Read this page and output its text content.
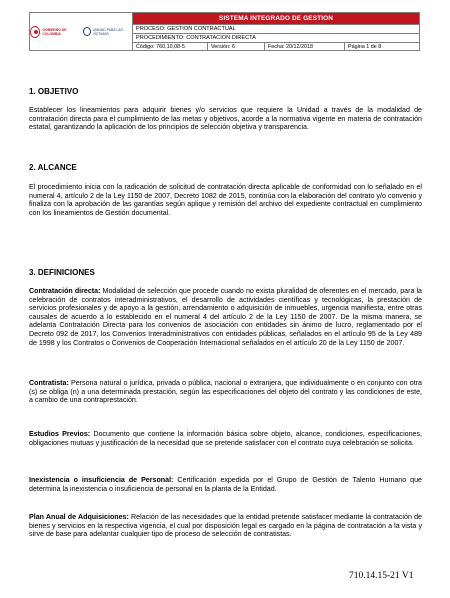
GOBIERNO DE COLOMBIA
UNIDAD PARA LAS VÍCTIMAS
SISTEMA INTEGRADO DE GESTION
PROCESO: GESTION CONTRACTUAL
PROCEDIMIENTO: CONTRATACION DIRECTA
Código: 760,10,08-5	Versión: 6	Fecha: 20/12/2018	Página 1 de 8
1. OBJETIVO

Establecer los lineamientos para adquirir bienes y/o servicios que requiere la Unidad a través de la modalidad de contratación directa para el cumplimiento de las metas y objetivos, acorde a la normativa vigente en materia de contratación estatal, garantizando la aplicación de los principios de selección objetiva y transparencia.

2. ALCANCE

El procedimiento inicia con la radicación de solicitud de contratación directa aplicable de conformidad con lo señalado en el numeral 4, artículo 2 de la Ley 1150 de 2007, Decreto 1082 de 2015, continúa con la elaboración del contrato y/o convenio y finaliza con la aprobación de las garantías según aplique y remisión del archivo del expediente contractual en cumplimiento con los lineamientos de Gestión documental.

3. DEFINICIONES

Contratación directa: Modalidad de selección que procede cuando no exista pluralidad de oferentes en el mercado, para la celebración de contratos interadministrativos, el desarrollo de actividades científicas y tecnológicas, la prestación de servicios profesionales y de apoyo a la gestión, arrendamiento o adquisición de inmuebles, urgencia manifiesta, entre otras causales de acuerdo a lo establecido en el numeral 4 del artículo 2 de la Ley 1150 de 2007. De la misma manera, se adelanta Contratación Directa para los convenios de asociación con entidades sin ánimo de lucro, reglamentado por el Decreto 092 de 2017, los Convenios Interadministrativos con entidades públicas, señalados en el artículo 95 de la Ley 489 de 1998 y los Contratos o Convenios de Cooperación Internacional señalados en el artículo 20 de la Ley 1150 de 2007.

Contratista: Persona natural o jurídica, privada o pública, nacional o extranjera, que individualmente o en conjunto con otra (s) se obliga (n) a una determinada prestación, según las especificaciones del objeto del contrato y las condiciones de este, a cambio de una contraprestación.

Estudios Previos: Documento que contiene la información básica sobre objeto, alcance, condiciones, especificaciones, obligaciones mutuas y justificación de la necesidad que se pretende satisfacer con el contrato cuya celebración se solicita.

Inexistencia o insuficiencia de Personal: Certificación expedida por el Grupo de Gestión de Talento Humano que determina la inexistencia o insuficiencia de personal en la planta de la Entidad.

Plan Anual de Adquisiciones: Relación de las necesidades que la entidad pretende satisfacer mediante la contratación de bienes y servicios en la respectiva vigencia, el cual por disposición legal es cargado en la página de contratación a la vista y sirve de base para adelantar cualquier tipo de proceso de selección de contratistas.

710.14.15-21 V1
